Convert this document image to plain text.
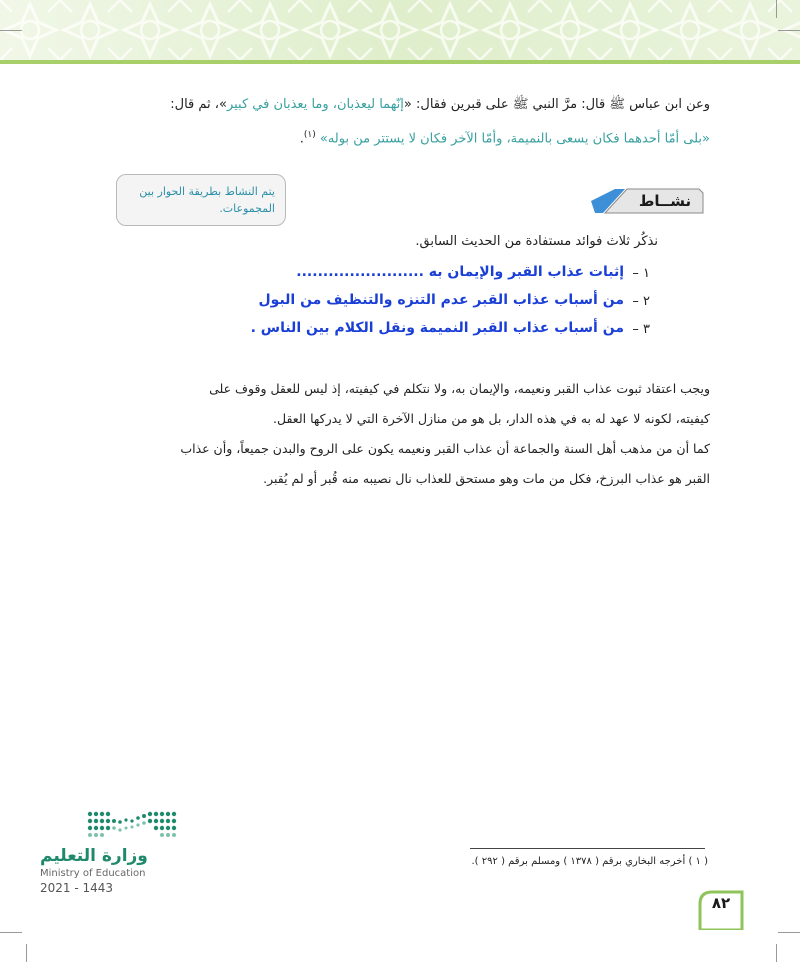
وعن ابن عباس ﷺ قال: مرَّ النبي ﷺ على قبرين فقال: «إنّهما ليعذبان، وما يعذبان في كبير»، ثم قال:
«بلى أمّا أحدهما فكان يسعى بالنميمة، وأمّا الآخر فكان لا يستتر من بوله» $^{(١)}$.
يتم النشاط بطريقة الحوار بين المجموعات.	نشــاط
نذكُر ثلاث فوائد مستفادة من الحديث السابق.
١ –
إثبات عذاب القبر والإيمان به ........................
٢ –
من أسباب عذاب القبر عدم التنزه والتنظيف من البول
٣ –
من أسباب عذاب القبر النميمة ونقل الكلام بين الناس .
ويجب اعتقاد ثبوت عذاب القبر ونعيمه، والإيمان به، ولا نتكلم في كيفيته، إذ ليس للعقل وقوف على
كيفيته، لكونه لا عهد له به في هذه الدار، بل هو من منازل الآخرة التي لا يدركها العقل.
كما أن من مذهب أهل السنة والجماعة أن عذاب القبر ونعيمه يكون على الروح والبدن جميعاً، وأن عذاب
القبر هو عذاب البرزخ، فكل من مات وهو مستحق للعذاب نال نصيبه منه قُبر أو لم يُقبر.
وزارة التعليم
Ministry of Education
2021 - 1443
( ١ ) أخرجه البخاري برقم ( ١٣٧٨ ) ومسلم برقم ( ٢٩٢ ).
٨٢
